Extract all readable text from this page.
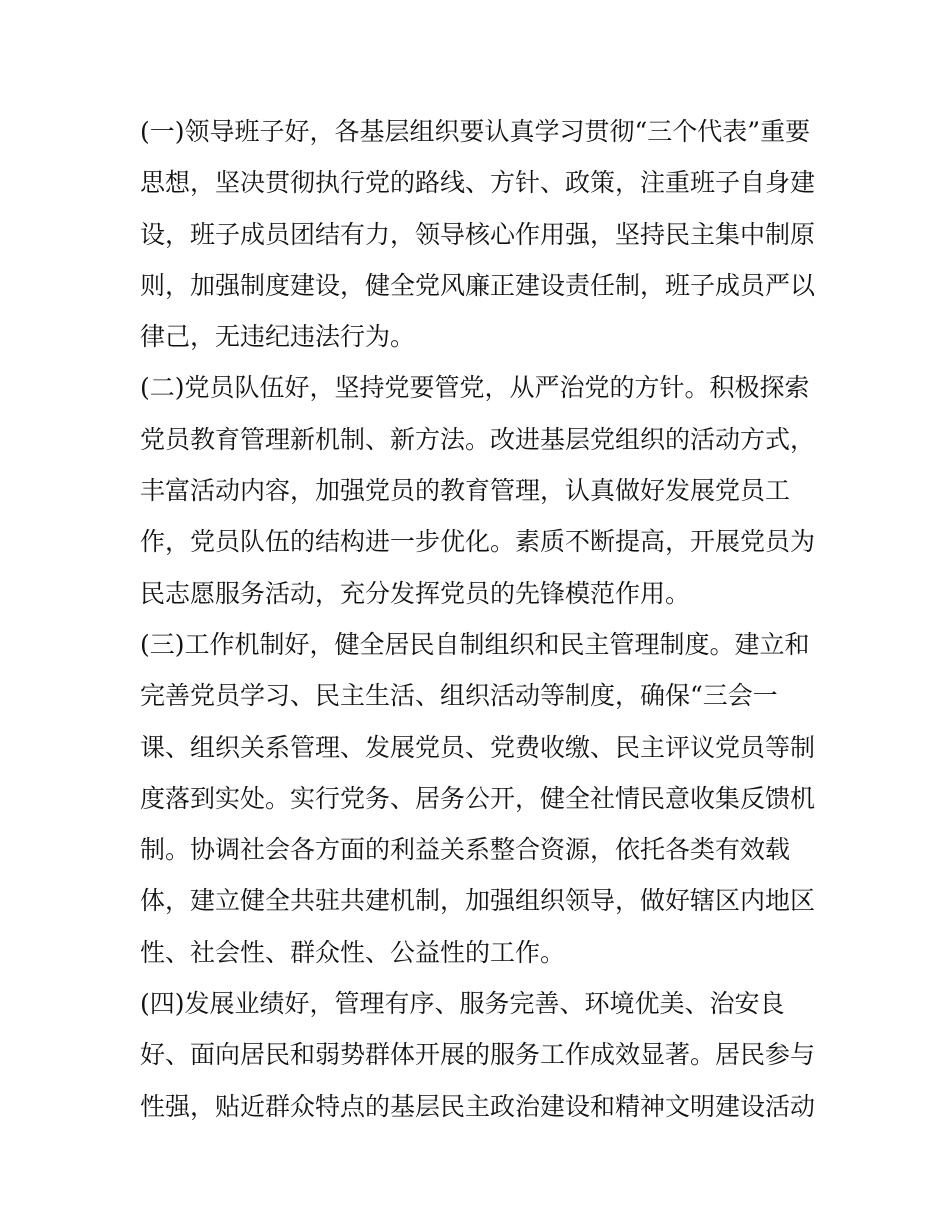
(一)领导班子好，各基层组织要认真学习贯彻“三个代表”重要
思想，坚决贯彻执行党的路线、方针、政策，注重班子自身建
设，班子成员团结有力，领导核心作用强，坚持民主集中制原
则，加强制度建设，健全党风廉正建设责任制，班子成员严以
律己，无违纪违法行为。
(二)党员队伍好，坚持党要管党，从严治党的方针。积极探索
党员教育管理新机制、新方法。改进基层党组织的活动方式，
丰富活动内容，加强党员的教育管理，认真做好发展党员工
作，党员队伍的结构进一步优化。素质不断提高，开展党员为
民志愿服务活动，充分发挥党员的先锋模范作用。
(三)工作机制好，健全居民自制组织和民主管理制度。建立和
完善党员学习、民主生活、组织活动等制度，确保“三会一
课、组织关系管理、发展党员、党费收缴、民主评议党员等制
度落到实处。实行党务、居务公开，健全社情民意收集反馈机
制。协调社会各方面的利益关系整合资源，依托各类有效载
体，建立健全共驻共建机制，加强组织领导，做好辖区内地区
性、社会性、群众性、公益性的工作。
(四)发展业绩好，管理有序、服务完善、环境优美、治安良
好、面向居民和弱势群体开展的服务工作成效显著。居民参与
性强，贴近群众特点的基层民主政治建设和精神文明建设活动
